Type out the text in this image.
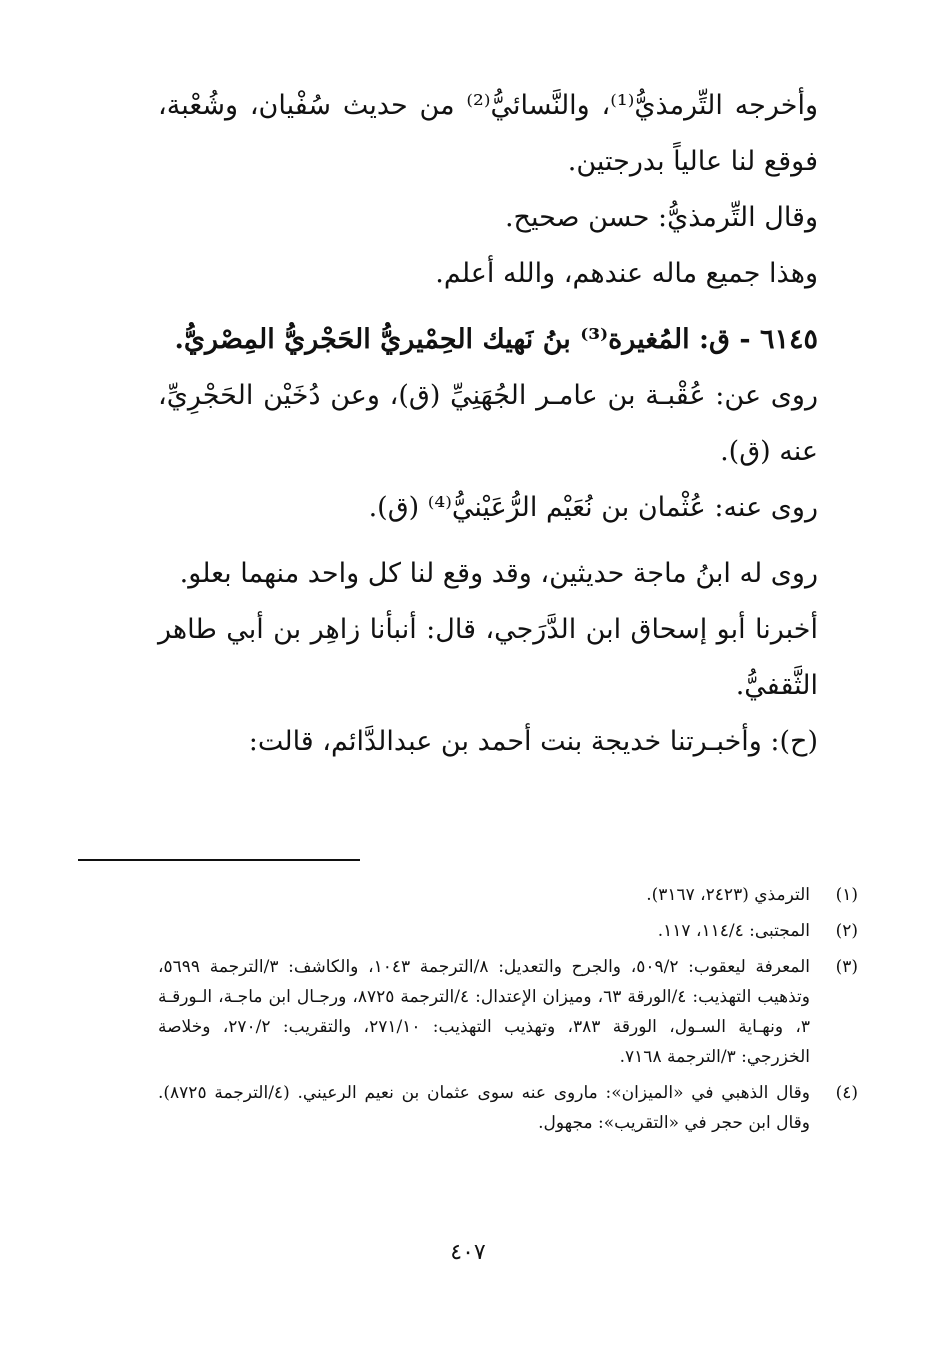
وأخرجه التِّرمذيُّ⁽¹⁾، والنَّسائيُّ⁽²⁾ من حديث سُفْيان، وشُعْبة، فوقع لنا عالياً بدرجتين.

وقال التِّرمذيُّ: حسن صحيح.

وهذا جميع ماله عندهم، والله أعلم.

٦١٤٥ - ق: المُغيرة⁽³⁾ بنُ نَهيك الحِمْيريُّ الحَجْريُّ المِصْريُّ.

روى عن: عُقْبـة بن عامـر الجُهَنِيِّ (ق)، وعن دُخَيْن الحَجْرِيِّ، عنه (ق).

روى عنه: عُثْمان بن نُعَيْم الرُّعَيْنيُّ⁽⁴⁾ (ق).

روى له ابنُ ماجة حديثين، وقد وقع لنا كل واحد منهما بعلو.

أخبرنا أبو إسحاق ابن الدَّرَجي، قال: أنبأنا زاهِر بن أبي طاهر الثَّقفيُّ.

(ح): وأخبـرتنا خديجة بنت أحمد بن عبدالدَّائم، قالت:

(١)
الترمذي (٢٤٢٣، ٣١٦٧).
(٢)
المجتبى: ١١٤/٤، ١١٧.
(٣)
المعرفة ليعقوب: ٥٠٩/٢، والجرح والتعديل: ٨/الترجمة ١٠٤٣، والكاشف: ٣/الترجمة ٥٦٩٩، وتذهيب التهذيب: ٤/الورقة ٦٣، وميزان الإعتدال: ٤/الترجمة ٨٧٢٥، ورجـال ابن ماجـة، الـورقـة ٣، ونهـاية السـول، الورقة ٣٨٣، وتهذيب التهذيب: ٢٧١/١٠، والتقريب: ٢٧٠/٢، وخلاصة الخزرجي: ٣/الترجمة ٧١٦٨.
(٤)
وقال الذهبي في «الميزان»: ماروى عنه سوى عثمان بن نعيم الرعيني. (٤/الترجمة ٨٧٢٥). وقال ابن حجر في «التقريب»: مجهول.
٤٠٧
